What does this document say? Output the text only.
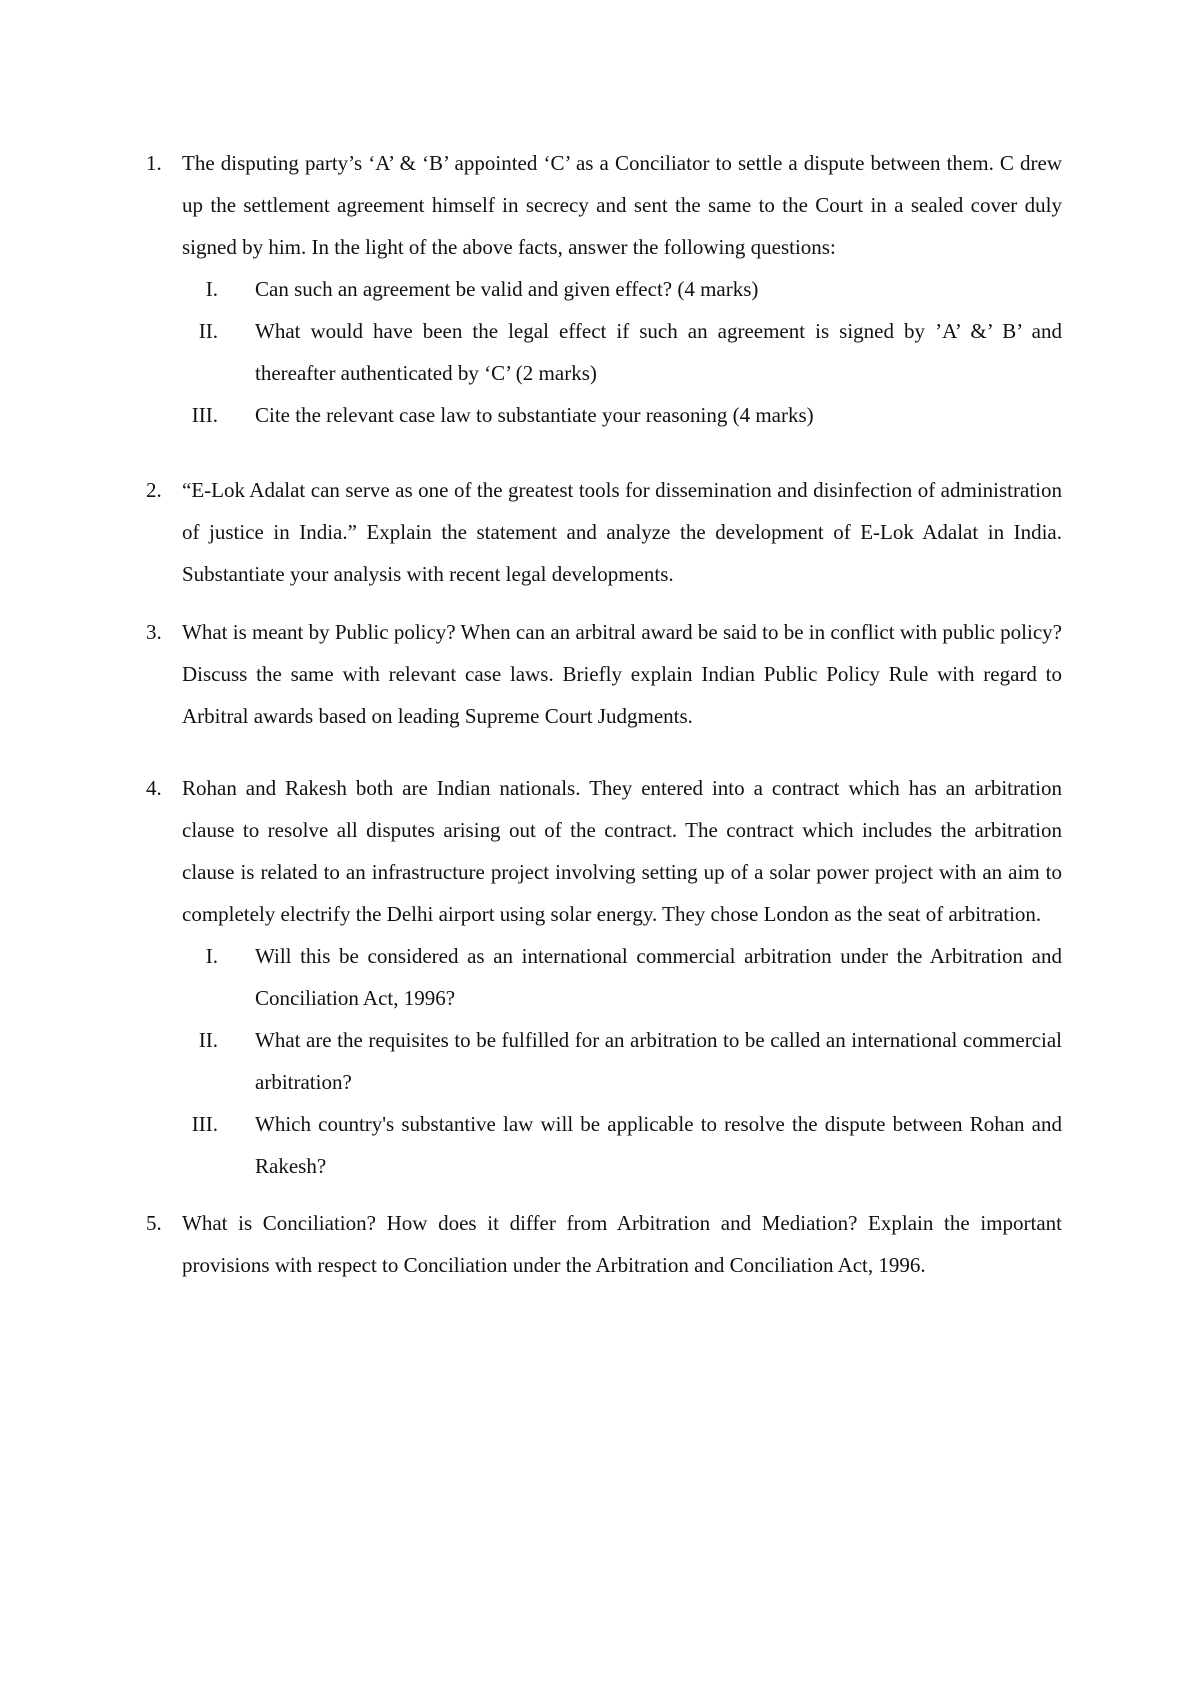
1. The disputing party’s ‘A’ & ‘B’ appointed ‘C’ as a Conciliator to settle a dispute between them. C drew up the settlement agreement himself in secrecy and sent the same to the Court in a sealed cover duly signed by him. In the light of the above facts, answer the following questions:
I. Can such an agreement be valid and given effect? (4 marks)
II. What would have been the legal effect if such an agreement is signed by ’A’ &’ B’ and thereafter authenticated by ‘C’ (2 marks)
III. Cite the relevant case law to substantiate your reasoning (4 marks)
2. “E-Lok Adalat can serve as one of the greatest tools for dissemination and disinfection of administration of justice in India.” Explain the statement and analyze the development of E-Lok Adalat in India. Substantiate your analysis with recent legal developments.
3. What is meant by Public policy? When can an arbitral award be said to be in conflict with public policy? Discuss the same with relevant case laws. Briefly explain Indian Public Policy Rule with regard to Arbitral awards based on leading Supreme Court Judgments.
4. Rohan and Rakesh both are Indian nationals. They entered into a contract which has an arbitration clause to resolve all disputes arising out of the contract. The contract which includes the arbitration clause is related to an infrastructure project involving setting up of a solar power project with an aim to completely electrify the Delhi airport using solar energy. They chose London as the seat of arbitration.
I. Will this be considered as an international commercial arbitration under the Arbitration and Conciliation Act, 1996?
II. What are the requisites to be fulfilled for an arbitration to be called an international commercial arbitration?
III. Which country's substantive law will be applicable to resolve the dispute between Rohan and Rakesh?
5. What is Conciliation? How does it differ from Arbitration and Mediation? Explain the important provisions with respect to Conciliation under the Arbitration and Conciliation Act, 1996.
